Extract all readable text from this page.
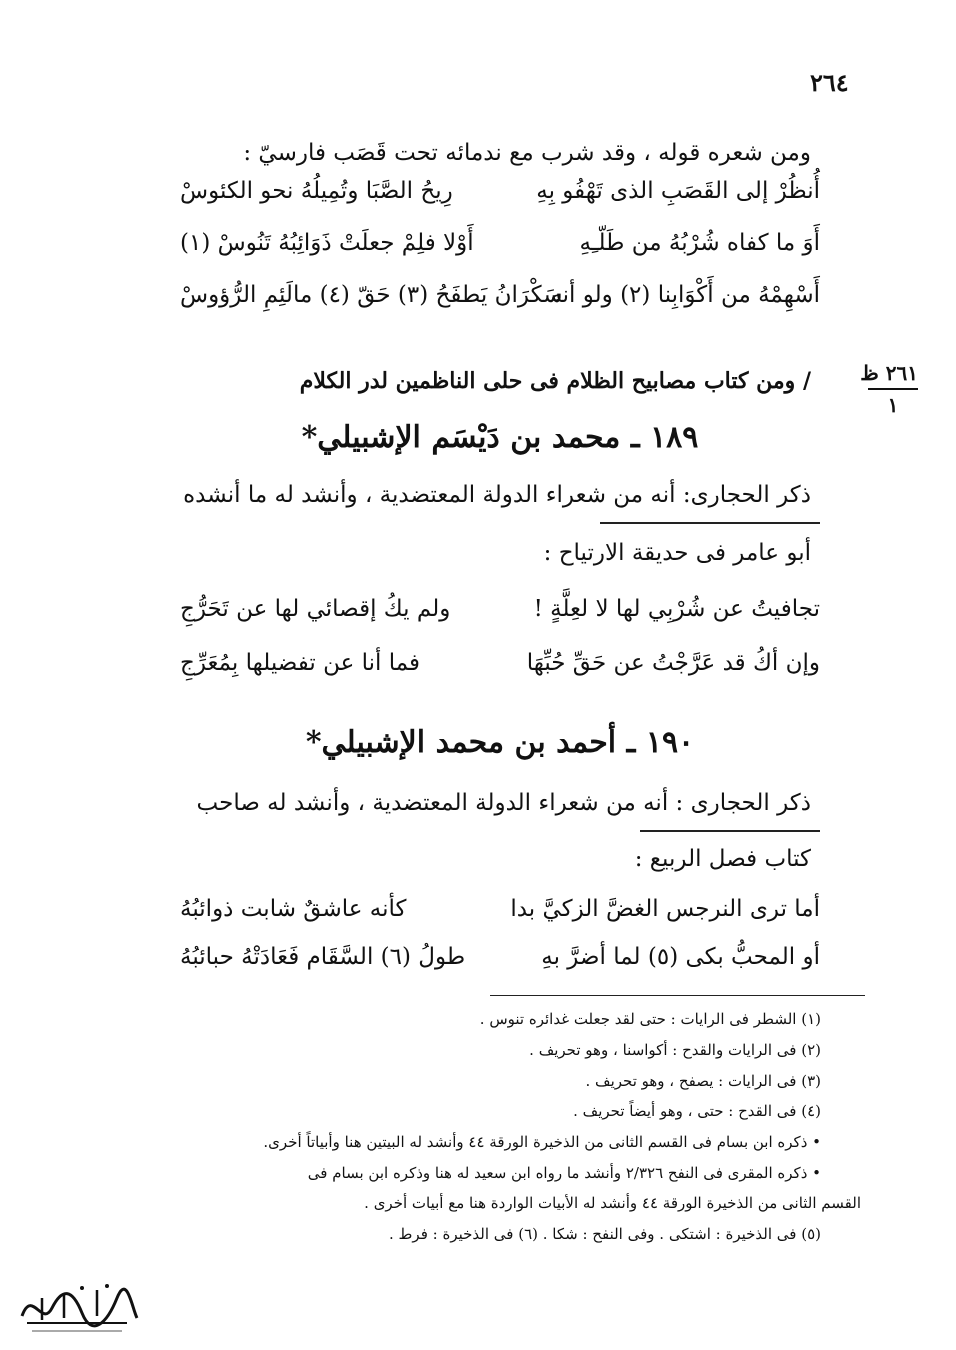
٢٦٤
ومن شعره قوله ، وقد شرب مع ندمائه تحت قَصَب فارسيّ :
أُنظُرْ إلى القَصَبِ الذى تَهْفُو بِهِ
رِيحُ الصَّبَا وتُمِيلُهُ نحو الكئوسْ
أَوَ ما كفاه شُرْبُهُ من طَلّـِهِ
أَوْلا فلِمْ جعلَتْ ذَوَائِبُهُ تَنُوسْ (١)
أَسْهِمْهُ من أَكْوَابِنا (٢) ولو أنه
سَكْرَانُ يَطفَحُ (٣) حَقّ (٤) مالَئِمِ الرُّؤوسْ
٢٦١ ظ
١
/ ومن كتاب مصابيح الظلام فى حلى الناظمين لدر الكلام
١٨٩ ـ محمد بن دَيْسَم الإشبيلي*
ذكر الحجارى: أنه من شعراء الدولة المعتضدية ، وأنشد له ما أنشده
أبو عامر فى حديقة الارتياح :
تجافيتُ عن شُرْبِي لها لا لعِلَّةٍ !
ولم يكُ إقصائي لها عن تَحَرُّجِ
وإن أكُ قد عَرَّجْتُ عن حَقِّ حُبِّهَا
فما أنا عن تفضيلها بِمُعَرِّجِ
١٩٠ ـ أحمد بن محمد الإشبيلي*
ذكر الحجارى : أنه من شعراء الدولة المعتضدية ، وأنشد له صاحب
كتاب فصل الربيع :
أما ترى النرجس الغضَّ الزكيَّ بدا
كأنه عاشقٌ شابت ذوائبُهُ
أو المحبُّ بكى (٥) لما أضرَّ بهِ
طولُ (٦) السَّقَام فَعَادَتْهُ حبائبُهُ
(١) الشطر فى الرايات : حتى لقد جعلت غدائره تنوس .
(٢) فى الرايات والقدح : أكواسنا ، وهو تحريف .
(٣) فى الرايات : يصفح ، وهو تحريف .
(٤) فى القدح : حتى ، وهو أيضاً تحريف .
• ذكره ابن بسام فى القسم الثانى من الذخيرة الورقة ٤٤ وأنشد له البيتين هنا وأبياتاً أخرى.
• ذكره المقرى فى النفح ٢/٣٢٦ وأنشد ما رواه ابن سعيد له هنا وذكره ابن بسام فى
القسم الثانى من الذخيرة الورقة ٤٤ وأنشد له الأبيات الواردة هنا مع أبيات أخرى .
(٥) فى الذخيرة : اشتكى . وفى النفح : شكا . (٦) فى الذخيرة : فرط .
